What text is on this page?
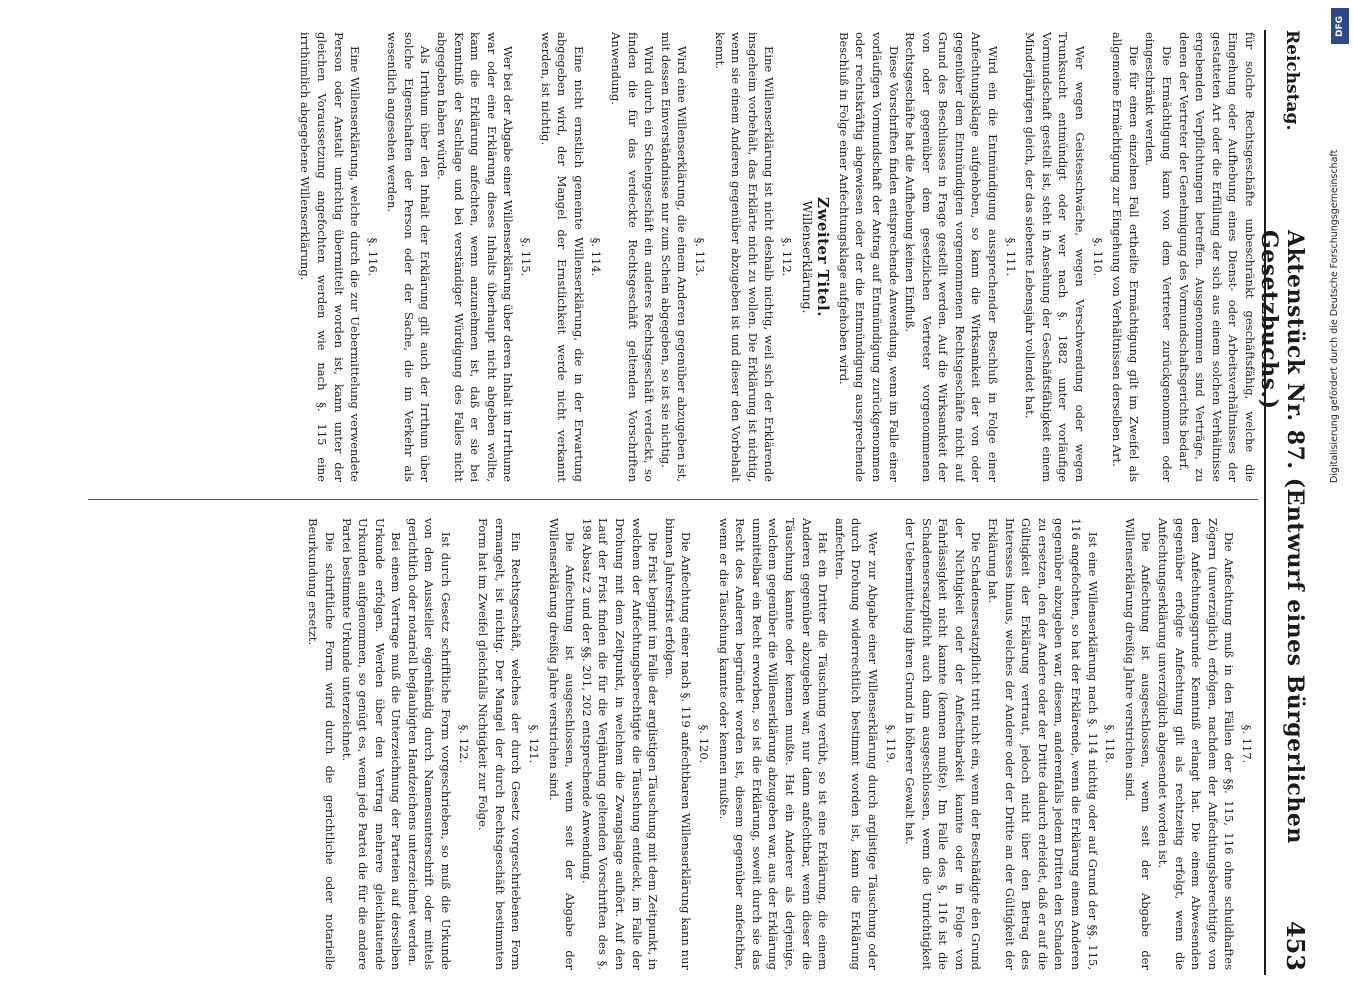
Reichstag.
Aktenstück Nr. 87. (Entwurf eines Bürgerlichen Gesetzbuchs.)
453
für solche Rechtsgeschäfte unbeschränkt geschäftsfähig, welche die Eingehung oder Aufhebung eines Dienst- oder Arbeitsverhältnisses der gestatteten Art oder die Erfüllung der sich aus einem solchen Verhältnisse ergebenden Verpflichtungen betreffen. Ausgenommen sind Verträge, zu denen der Vertreter der Genehmigung des Vormundschaftsgerichts bedarf.
Die Ermächtigung kann von dem Vertreter zurückgenommen oder eingeschränkt werden.
Die für einen einzelnen Fall ertheilte Ermächtigung gilt im Zweifel als allgemeine Ermächtigung zur Eingehung von Verhältnissen derselben Art.
§. 110.
Wer wegen Geistesschwäche, wegen Verschwendung oder wegen Trunksucht entmündigt oder wer nach §. 1882 unter vorläufige Vormundschaft gestellt ist, steht in Ansehung der Geschäftsfähigkeit einem Minderjährigen gleich, der das siebente Lebensjahr vollendet hat.
§. 111.
Wird ein die Entmündigung aussprechender Beschluß in Folge einer Anfechtungsklage aufgehoben, so kann die Wirksamkeit der von oder gegenüber dem Entmündigten vorgenommenen Rechtsgeschäfte nicht auf Grund des Beschlusses in Frage gestellt werden. Auf die Wirksamkeit der von oder gegenüber dem gesetzlichen Vertreter vorgenommenen Rechtsgeschäfte hat die Aufhebung keinen Einfluß.
Diese Vorschriften finden entsprechende Anwendung, wenn im Falle einer vorläufigen Vormundschaft der Antrag auf Entmündigung zurückgenommen oder rechtskräftig abgewiesen oder der die Entmündigung aussprechende Beschluß in Folge einer Anfechtungsklage aufgehoben wird.
Zweiter Titel.
Willenserklärung.
§. 112.
Eine Willenserklärung ist nicht deshalb nichtig, weil sich der Erklärende insgeheim vorbehält, das Erklärte nicht zu wollen. Die Erklärung ist nichtig, wenn sie einem Anderen gegenüber abzugeben ist und dieser den Vorbehalt kennt.
§. 113.
Wird eine Willenserklärung, die einem Anderen gegenüber abzugeben ist, mit dessen Einverständnisse nur zum Schein abgegeben, so ist sie nichtig.
Wird durch ein Scheingeschäft ein anderes Rechtsgeschäft verdeckt, so finden die für das verdeckte Rechtsgeschäft geltenden Vorschriften Anwendung.
§. 114.
Eine nicht ernstlich gemeinte Willenserklärung, die in der Erwartung abgegeben wird, der Mangel der Ernstlichkeit werde nicht verkannt werden, ist nichtig.
§. 115.
Wer bei der Abgabe einer Willenserklärung über deren Inhalt im Irrthume war oder eine Erklärung dieses Inhalts überhaupt nicht abgeben wollte, kann die Erklärung anfechten, wenn anzunehmen ist, daß er sie bei Kenntniß der Sachlage und bei verständiger Würdigung des Falles nicht abgegeben haben würde.
Als Irrthum über den Inhalt der Erklärung gilt auch der Irrthum über solche Eigenschaften der Person oder der Sache, die im Verkehr als wesentlich angesehen werden.
§. 116.
Eine Willenserklärung, welche durch die zur Uebermittelung verwendete Person oder Anstalt unrichtig übermittelt worden ist, kann unter der gleichen Voraussetzung angefochten werden wie nach §. 115 eine irrthümlich abgegebene Willenserklärung.
§. 117.
Die Anfechtung muß in den Fällen der §§. 115, 116 ohne schuldhaftes Zögern (unverzüglich) erfolgen, nachdem der Anfechtungsberechtigte von dem Anfechtungsgrunde Kenntniß erlangt hat. Die einem Abwesenden gegenüber erfolgte Anfechtung gilt als rechtzeitig erfolgt, wenn die Anfechtungserklärung unverzüglich abgesendet worden ist.
Die Anfechtung ist ausgeschlossen, wenn seit der Abgabe der Willenserklärung dreißig Jahre verstrichen sind.
§. 118.
Ist eine Willenserklärung nach §. 114 nichtig oder auf Grund der §§. 115, 116 angefochten, so hat der Erklärende, wenn die Erklärung einem Anderen gegenüber abzugeben war, diesem, anderenfalls jedem Dritten den Schaden zu ersetzen, den der Andere oder der Dritte dadurch erleidet, daß er auf die Gültigkeit der Erklärung vertraut, jedoch nicht über den Betrag des Interesses hinaus, welches der Andere oder der Dritte an der Gültigkeit der Erklärung hat.
Die Schadensersatzpflicht tritt nicht ein, wenn der Beschädigte den Grund der Nichtigkeit oder der Anfechtbarkeit kannte oder in Folge von Fahrlässigkeit nicht kannte (kennen mußte). Im Falle des §. 116 ist die Schadensersatzpflicht auch dann ausgeschlossen, wenn die Unrichtigkeit der Uebermittelung ihren Grund in höherer Gewalt hat.
§. 119.
Wer zur Abgabe einer Willenserklärung durch arglistige Täuschung oder durch Drohung widerrechtlich bestimmt worden ist, kann die Erklärung anfechten.
Hat ein Dritter die Täuschung verübt, so ist eine Erklärung, die einem Anderen gegenüber abzugeben war, nur dann anfechtbar, wenn dieser die Täuschung kannte oder kennen mußte. Hat ein Anderer als derjenige, welchem gegenüber die Willenserklärung abzugeben war, aus der Erklärung unmittelbar ein Recht erworben, so ist die Erklärung, soweit durch sie das Recht des Anderen begründet worden ist, diesem gegenüber anfechtbar, wenn er die Täuschung kannte oder kennen mußte.
§. 120.
Die Anfechtung einer nach §. 119 anfechtbaren Willenserklärung kann nur binnen Jahresfrist erfolgen.
Die Frist beginnt im Falle der arglistigen Täuschung mit dem Zeitpunkt, in welchem der Anfechtungsberechtigte die Täuschung entdeckt, im Falle der Drohung mit dem Zeitpunkt, in welchem die Zwangslage aufhört. Auf den Lauf der Frist finden die für die Verjährung geltenden Vorschriften des §. 198 Absatz 2 und der §§. 201, 202 entsprechende Anwendung.
Die Anfechtung ist ausgeschlossen, wenn seit der Abgabe der Willenserklärung dreißig Jahre verstrichen sind.
§. 121.
Ein Rechtsgeschäft, welches der durch Gesetz vorgeschriebenen Form ermangelt, ist nichtig. Der Mangel der durch Rechtsgeschäft bestimmten Form hat im Zweifel gleichfalls Nichtigkeit zur Folge.
§. 122.
Ist durch Gesetz schriftliche Form vorgeschrieben, so muß die Urkunde von dem Aussteller eigenhändig durch Namensunterschrift oder mittels gerichtlich oder notariell beglaubigten Handzeichens unterzeichnet werden.
Bei einem Vertrage muß die Unterzeichnung der Parteien auf derselben Urkunde erfolgen. Werden über den Vertrag mehrere gleichlautende Urkunden aufgenommen, so genügt es, wenn jede Partei die für die andere Partei bestimmte Urkunde unterzeichnet.
Die schriftliche Form wird durch die gerichtliche oder notarielle Beurkundung ersetzt.
DFG
Digitalisierung gefördert durch die Deutsche Forschungsgemeinschaft
